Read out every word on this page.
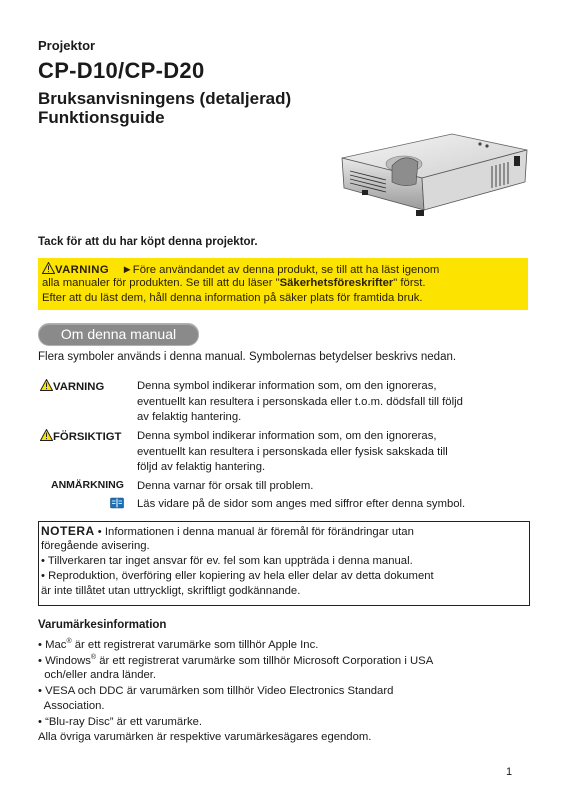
Projektor
CP-D10/CP-D20
Bruksanvisningens (detaljerad)
Funktionsguide
Tack för att du har köpt denna projektor.
VARNING ►Före användandet av denna produkt, se till att ha läst igenom
alla manualer för produkten. Se till att du läser "Säkerhetsföreskrifter" först.
Efter att du läst dem, håll denna information på säker plats för framtida bruk.
Om denna manual
Flera symboler används i denna manual. Symbolernas betydelser beskrivs nedan.
VARNING	Denna symbol indikerar information som, om den ignoreras,
eventuellt kan resultera i personskada eller t.o.m. dödsfall till följd
av felaktig hantering.
FÖRSIKTIGT Denna symbol indikerar information som, om den ignoreras,
eventuellt kan resultera i personskada eller fysisk sakskada till
följd av felaktig hantering.
ANMÄRKNING Denna varnar för orsak till problem.
Läs vidare på de sidor som anges med siffror efter denna symbol.
NOTERA • Informationen i denna manual är föremål för förändringar utan
föregående avisering.
• Tillverkaren tar inget ansvar för ev. fel som kan uppträda i denna manual.
• Reproduktion, överföring eller kopiering av hela eller delar av detta dokument
är inte tillåtet utan uttryckligt, skriftligt godkännande.
Varumärkesinformation
• Mac® är ett registrerat varumärke som tillhör Apple Inc.
• Windows® är ett registrerat varumärke som tillhör Microsoft Corporation i USA
och/eller andra länder.
• VESA och DDC är varumärken som tillhör Video Electronics Standard
Association.
• “Blu-ray Disc” är ett varumärke.
Alla övriga varumärken är respektive varumärkesägares egendom.
1
